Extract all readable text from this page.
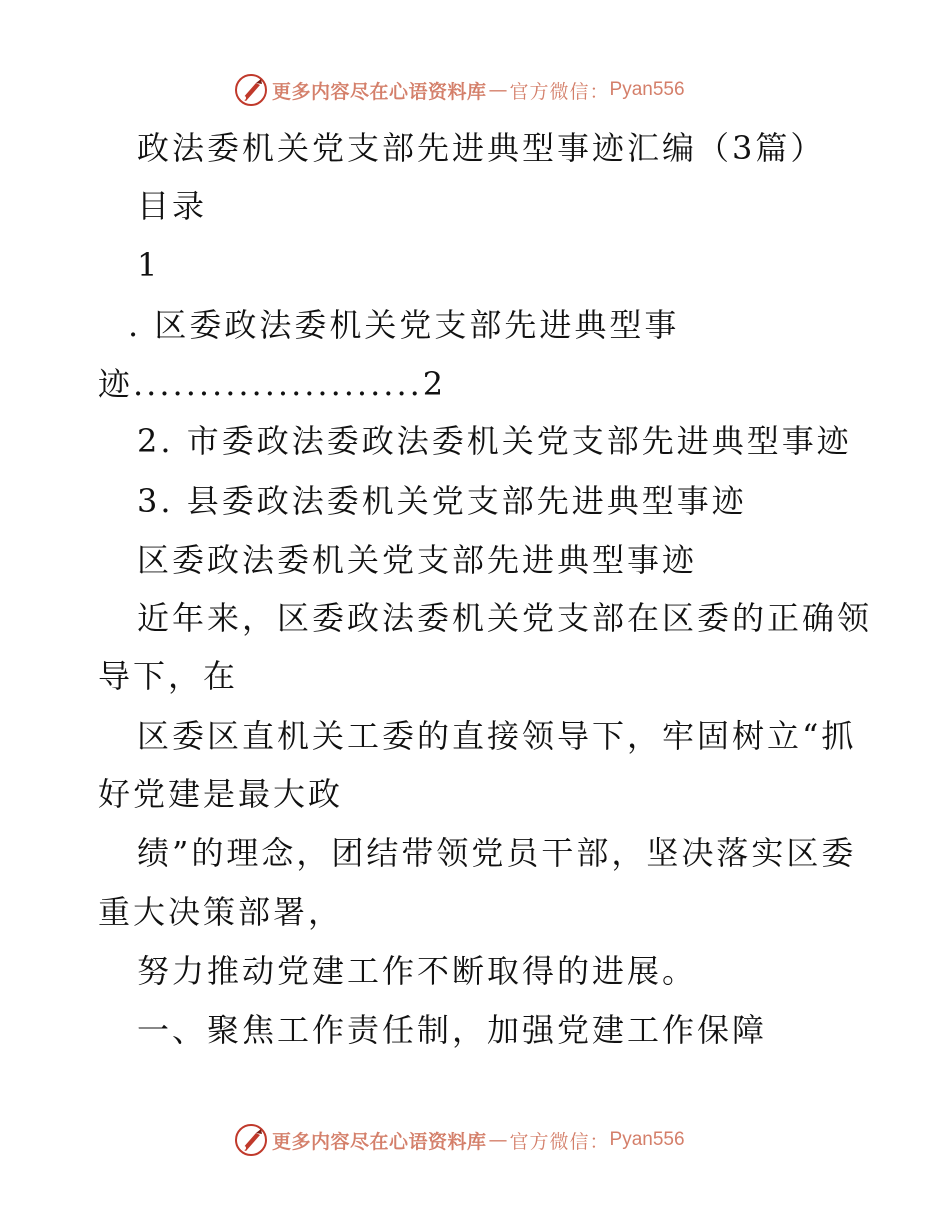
更多内容尽在心语资料库 — 官方微信： Pyan556

政法委机关党支部先进典型事迹汇编（3篇）

目录

1

. 区委政法委机关党支部先进典型事

迹......................2

2. 市委政法委政法委机关党支部先进典型事迹

3. 县委政法委机关党支部先进典型事迹

区委政法委机关党支部先进典型事迹

近年来，区委政法委机关党支部在区委的正确领

导下，在

区委区直机关工委的直接领导下，牢固树立“抓

好党建是最大政

绩”的理念，团结带领党员干部，坚决落实区委

重大决策部署，

努力推动党建工作不断取得的进展。

一、聚焦工作责任制，加强党建工作保障

更多内容尽在心语资料库 — 官方微信： Pyan556
